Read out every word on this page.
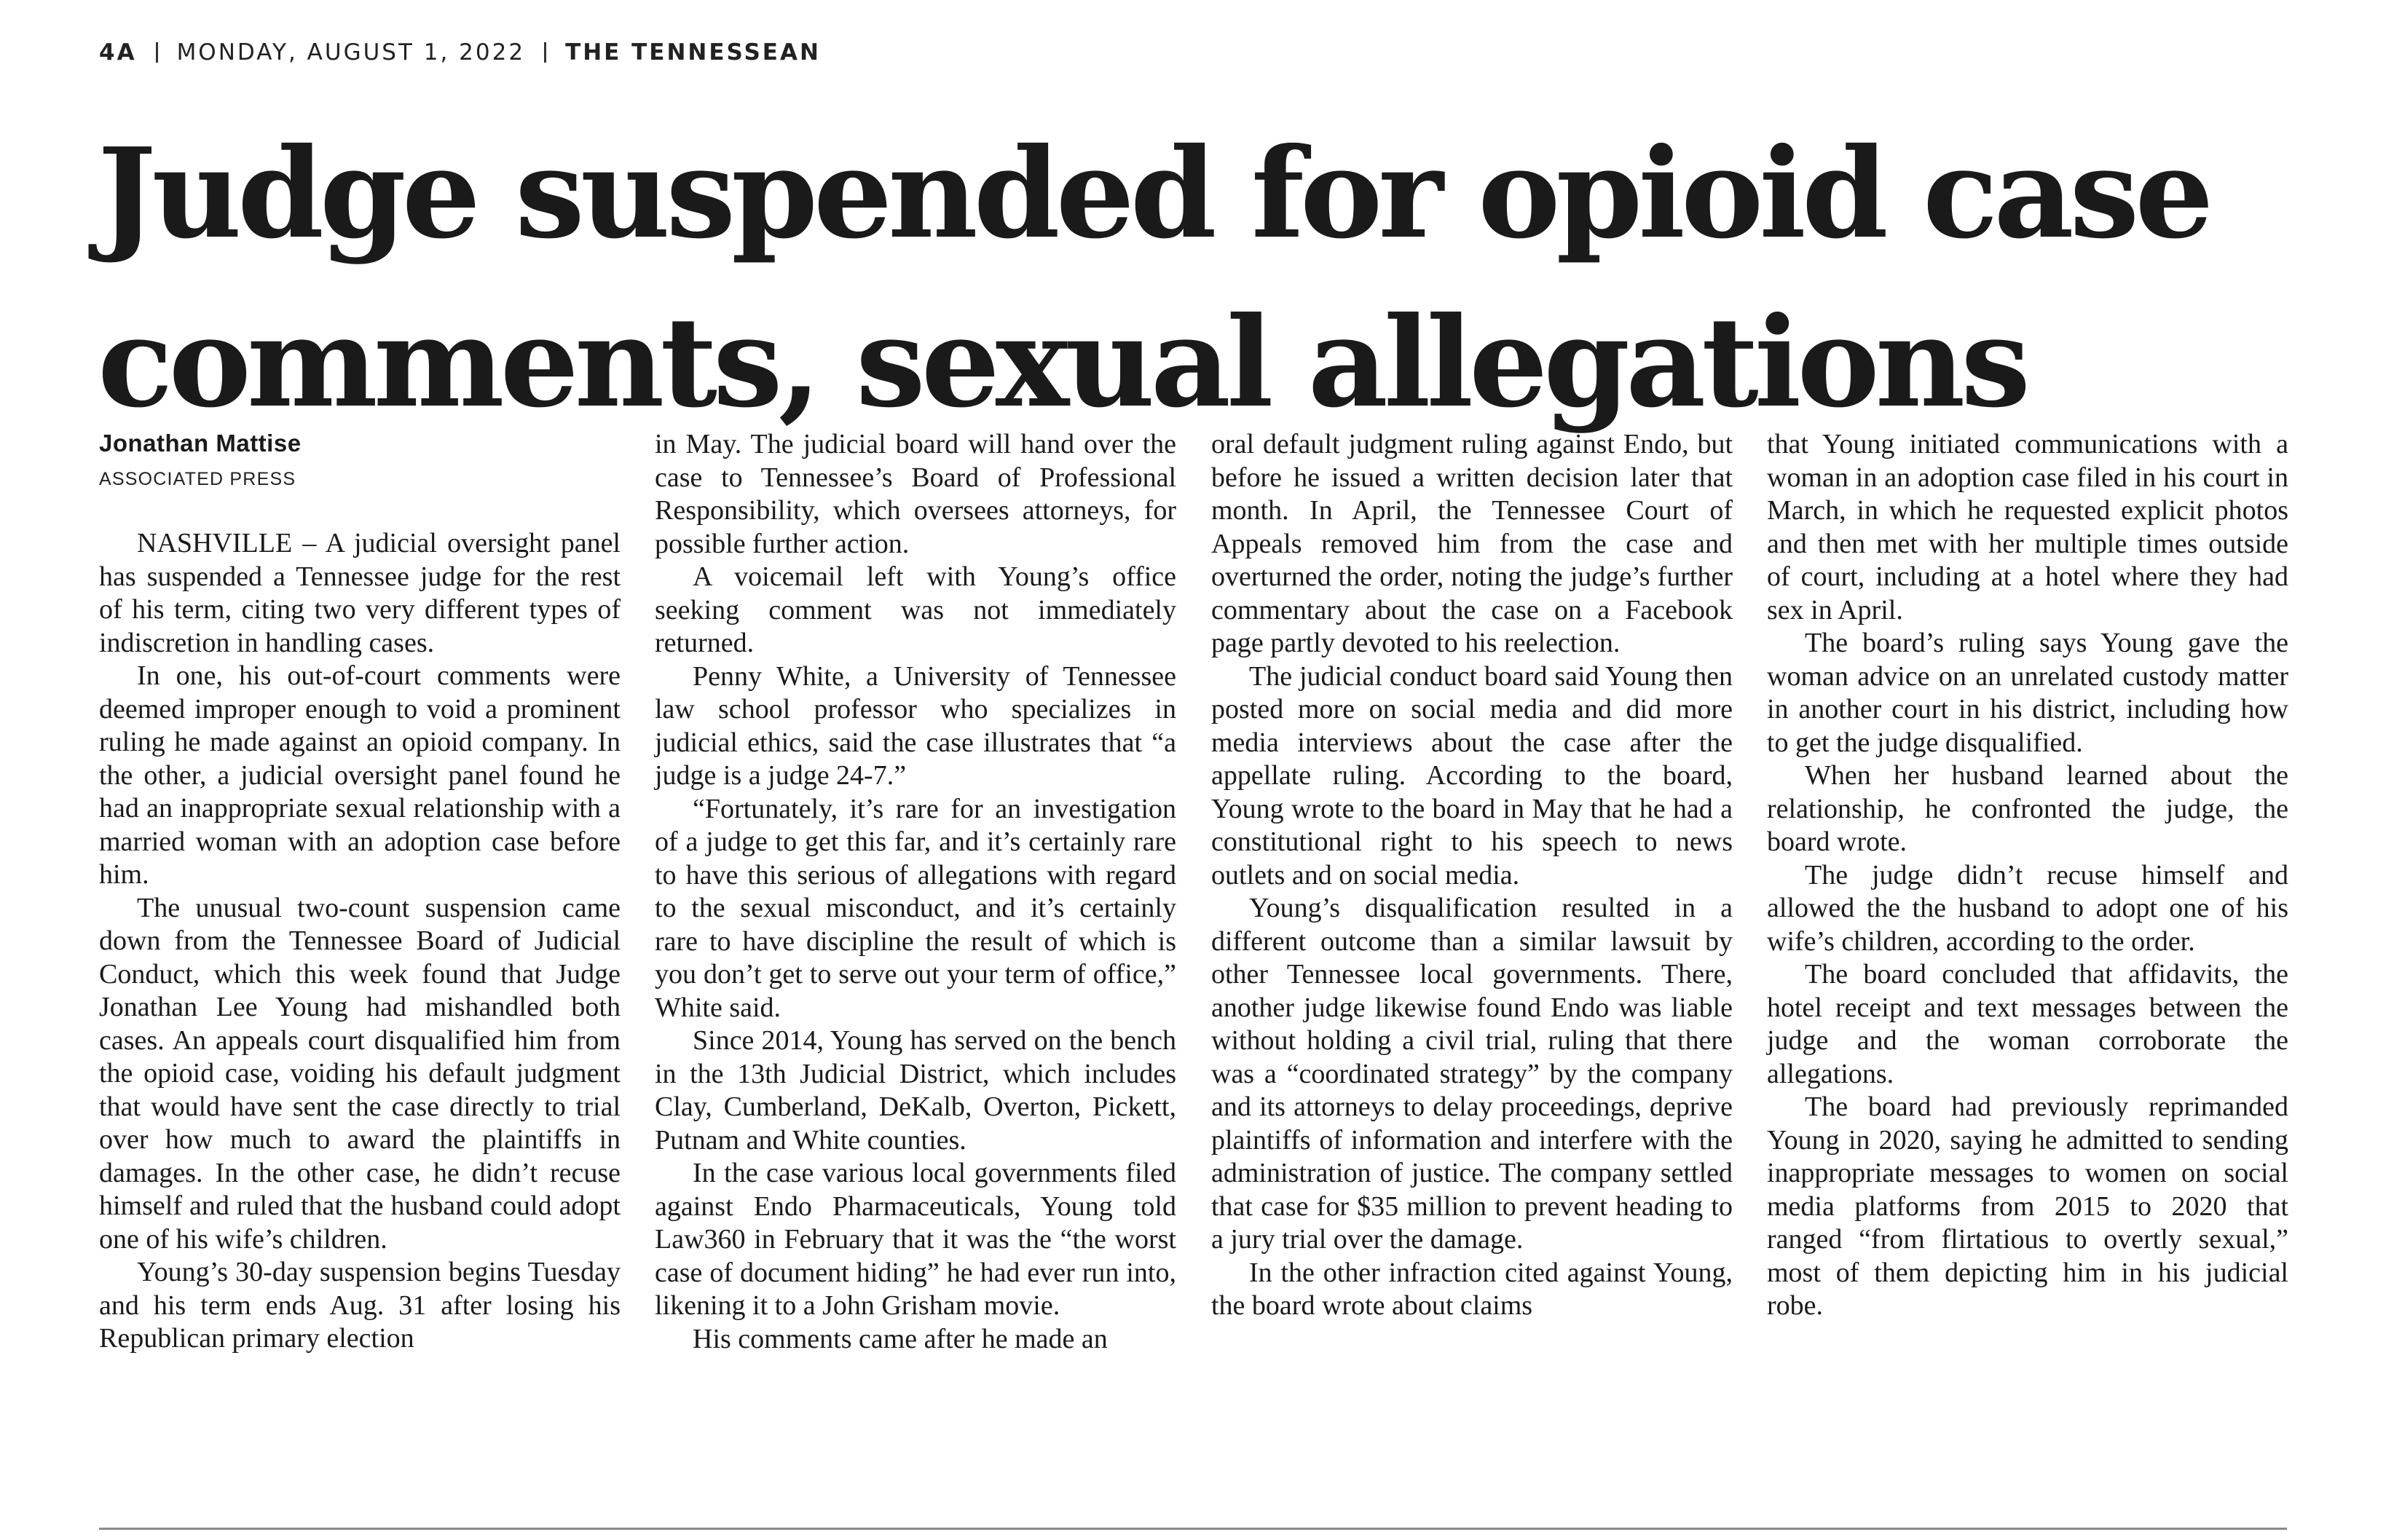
4A MONDAY, AUGUST 1, 2022 THE TENNESSEAN
Judge suspended for opioid case
comments, sexual allegations
Jonathan Mattise
ASSOCIATED PRESS

NASHVILLE – A judicial oversight panel has suspended a Tennessee judge for the rest of his term, citing two very different types of indiscretion in handling cases.

In one, his out-of-court comments were deemed improper enough to void a prominent ruling he made against an opioid company. In the other, a judicial oversight panel found he had an inappropriate sexual relationship with a married woman with an adoption case before him.

The unusual two-count suspension came down from the Tennessee Board of Judicial Conduct, which this week found that Judge Jonathan Lee Young had mishandled both cases. An appeals court disqualified him from the opioid case, voiding his default judgment that would have sent the case directly to trial over how much to award the plaintiffs in damages. In the other case, he didn’t recuse himself and ruled that the husband could adopt one of his wife’s children.

Young’s 30-day suspension begins Tuesday and his term ends Aug. 31 after losing his Republican primary election

in May. The judicial board will hand over the case to Tennessee’s Board of Professional Responsibility, which oversees attorneys, for possible further action.

A voicemail left with Young’s office seeking comment was not immediately returned.

Penny White, a University of Tennessee law school professor who specializes in judicial ethics, said the case illustrates that “a judge is a judge 24-7.”

“Fortunately, it’s rare for an investigation of a judge to get this far, and it’s certainly rare to have this serious of allegations with regard to the sexual misconduct, and it’s certainly rare to have discipline the result of which is you don’t get to serve out your term of office,” White said.

Since 2014, Young has served on the bench in the 13th Judicial District, which includes Clay, Cumberland, DeKalb, Overton, Pickett, Putnam and White counties.

In the case various local governments filed against Endo Pharmaceuticals, Young told Law360 in February that it was the “the worst case of document hiding” he had ever run into, likening it to a John Grisham movie.

His comments came after he made an

oral default judgment ruling against Endo, but before he issued a written decision later that month. In April, the Tennessee Court of Appeals removed him from the case and overturned the order, noting the judge’s further commentary about the case on a Facebook page partly devoted to his reelection.

The judicial conduct board said Young then posted more on social media and did more media interviews about the case after the appellate ruling. According to the board, Young wrote to the board in May that he had a constitutional right to his speech to news outlets and on social media.

Young’s disqualification resulted in a different outcome than a similar lawsuit by other Tennessee local governments. There, another judge likewise found Endo was liable without holding a civil trial, ruling that there was a “coordinated strategy” by the company and its attorneys to delay proceedings, deprive plaintiffs of information and interfere with the administration of justice. The company settled that case for $35 million to prevent heading to a jury trial over the damage.

In the other infraction cited against Young, the board wrote about claims

that Young initiated communications with a woman in an adoption case filed in his court in March, in which he requested explicit photos and then met with her multiple times outside of court, including at a hotel where they had sex in April.

The board’s ruling says Young gave the woman advice on an unrelated custody matter in another court in his district, including how to get the judge disqualified.

When her husband learned about the relationship, he confronted the judge, the board wrote.

The judge didn’t recuse himself and allowed the the husband to adopt one of his wife’s children, according to the order.

The board concluded that affidavits, the hotel receipt and text messages between the judge and the woman corroborate the allegations.

The board had previously reprimanded Young in 2020, saying he admitted to sending inappropriate messages to women on social media platforms from 2015 to 2020 that ranged “from flirtatious to overtly sexual,” most of them depicting him in his judicial robe.
